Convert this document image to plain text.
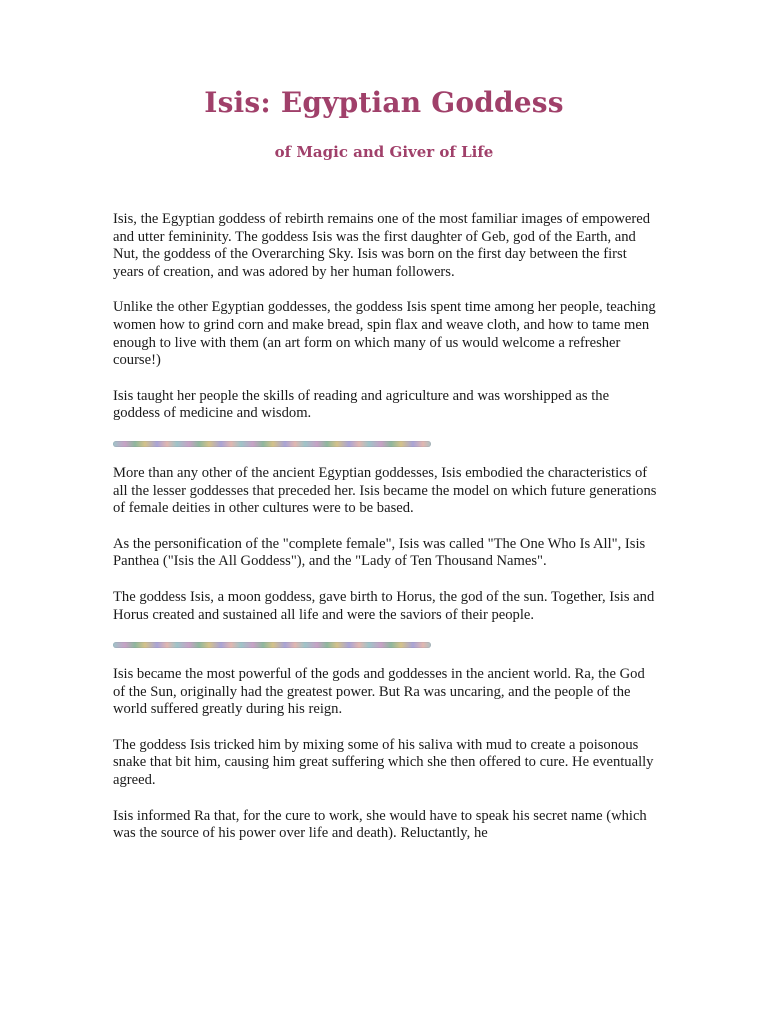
Isis: Egyptian Goddess
of Magic and Giver of Life

Isis, the Egyptian goddess of rebirth remains one of the most familiar images of empowered and utter femininity. The goddess Isis was the first daughter of Geb, god of the Earth, and Nut, the goddess of the Overarching Sky. Isis was born on the first day between the first years of creation, and was adored by her human followers.

Unlike the other Egyptian goddesses, the goddess Isis spent time among her people, teaching women how to grind corn and make bread, spin flax and weave cloth, and how to tame men enough to live with them (an art form on which many of us would welcome a refresher course!)

Isis taught her people the skills of reading and agriculture and was worshipped as the goddess of medicine and wisdom.

More than any other of the ancient Egyptian goddesses, Isis embodied the characteristics of all the lesser goddesses that preceded her. Isis became the model on which future generations of female deities in other cultures were to be based.

As the personification of the "complete female", Isis was called "The One Who Is All", Isis Panthea ("Isis the All Goddess"), and the "Lady of Ten Thousand Names".

The goddess Isis, a moon goddess, gave birth to Horus, the god of the sun. Together, Isis and Horus created and sustained all life and were the saviors of their people.

Isis became the most powerful of the gods and goddesses in the ancient world. Ra, the God of the Sun, originally had the greatest power. But Ra was uncaring, and the people of the world suffered greatly during his reign.

The goddess Isis tricked him by mixing some of his saliva with mud to create a poisonous snake that bit him, causing him great suffering which she then offered to cure. He eventually agreed.

Isis informed Ra that, for the cure to work, she would have to speak his secret name (which was the source of his power over life and death). Reluctantly, he
